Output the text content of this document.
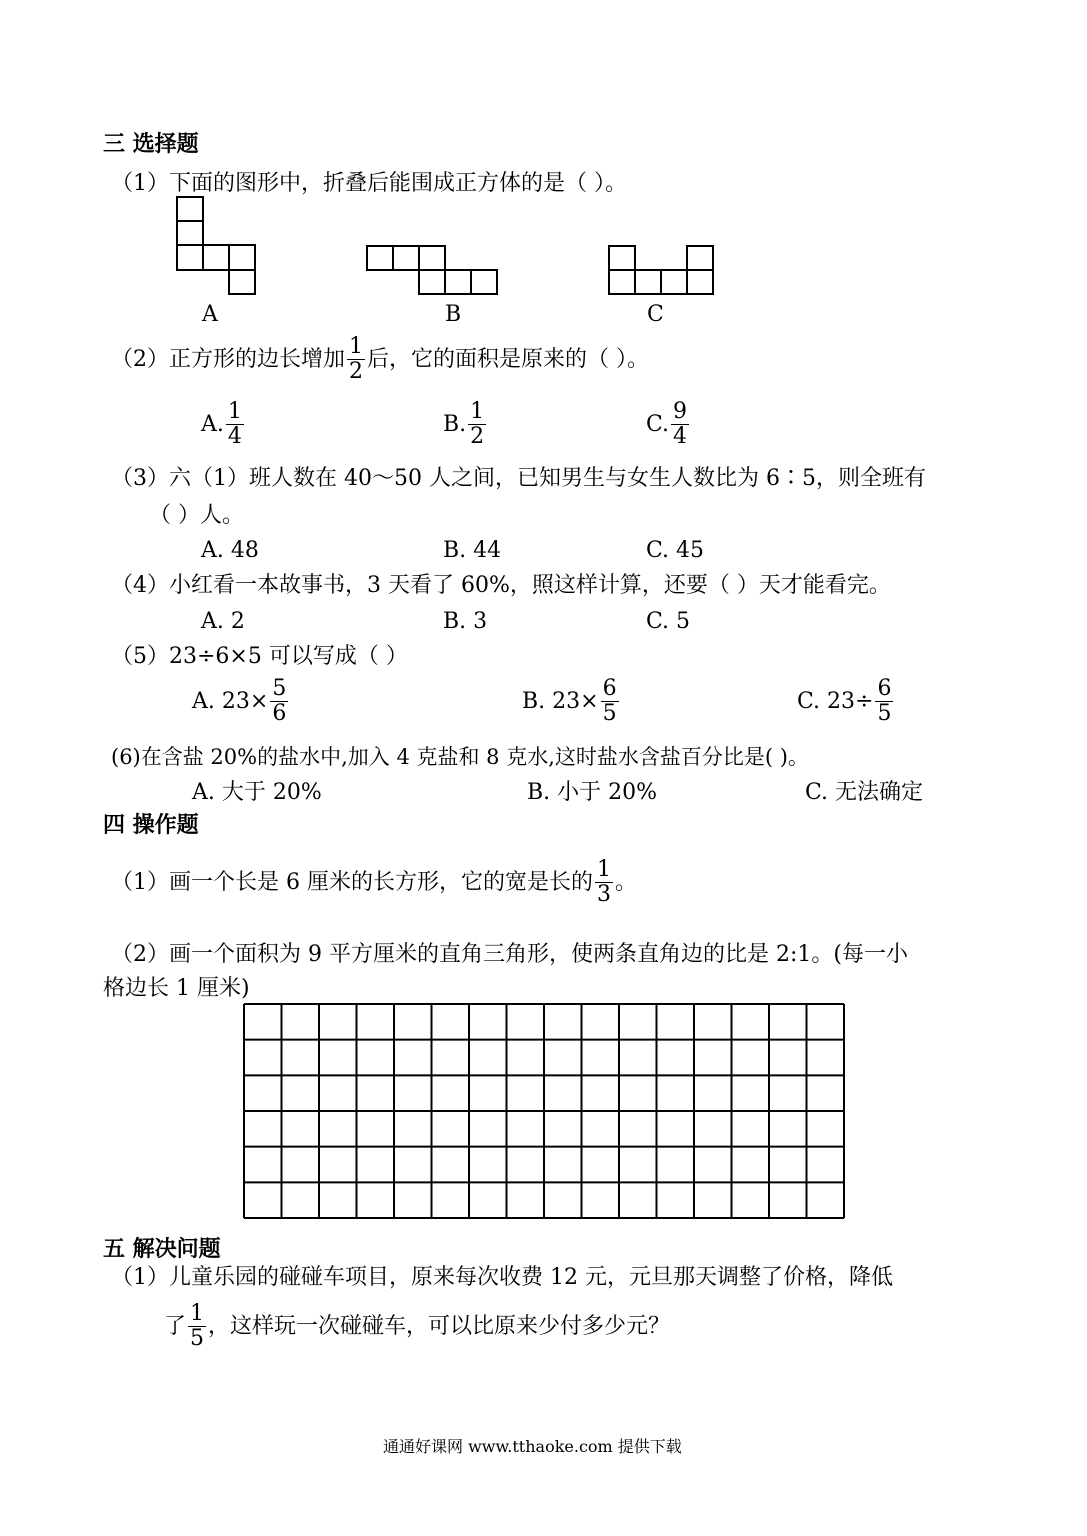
三 选择题
（1）下面的图形中，折叠后能围成正方体的是（ ）。
A	B	C
（2）正方形的边长增加 $\frac{1}{2}$ 后，它的面积是原来的（ ）。
A. $\frac{1}{4}$	B. $\frac{1}{2}$	C. $\frac{9}{4}$
（3）六（1）班人数在 40～50 人之间，已知男生与女生人数比为 6∶5，则全班有
（ ）人。
A. 48	B. 44	C. 45
（4）小红看一本故事书，3 天看了 60%，照这样计算，还要（ ）天才能看完。
A. 2	B. 3	C. 5
（5）23÷6×5 可以写成（ ）
A. $23\times \frac{5}{6}$	B. $23\times \frac{6}{5}$	C. $23\div \frac{6}{5}$
(6)在含盐 20%的盐水中,加入 4 克盐和 8 克水,这时盐水含盐百分比是( )。
A. 大于 20%	B. 小于 20%	C. 无法确定
四 操作题
（1）画一个长是 6 厘米的长方形，它的宽是长的 $\frac{1}{3}$ 。
（2）画一个面积为 9 平方厘米的直角三角形，使两条直角边的比是 2:1。(每一小
格边长 1 厘米)
五 解决问题
（1）儿童乐园的碰碰车项目，原来每次收费 12 元，元旦那天调整了价格，降低
了 $\frac{1}{5}$ ，这样玩一次碰碰车，可以比原来少付多少元？
通通好课网 www.tthaoke.com 提供下载
